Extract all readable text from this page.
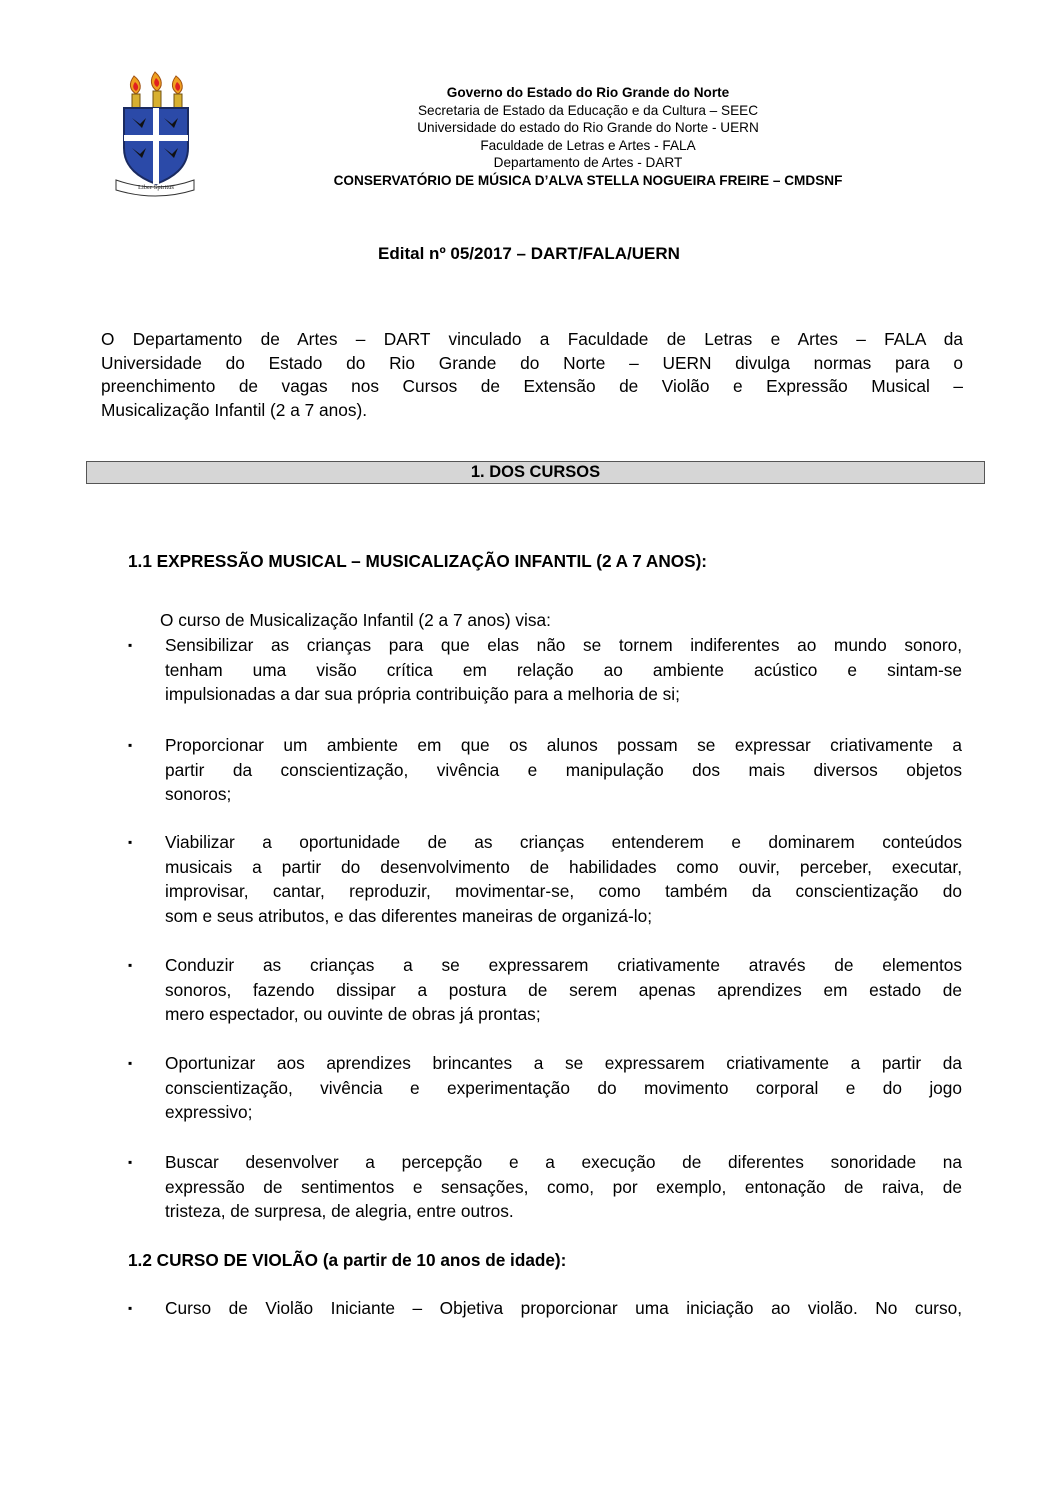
Liber Spiritus
Governo do Estado do Rio Grande do Norte
Secretaria de Estado da Educação e da Cultura – SEEC
Universidade do estado do Rio Grande do Norte - UERN
Faculdade de Letras e Artes - FALA
Departamento de Artes - DART
CONSERVATÓRIO DE MÚSICA D’ALVA STELLA NOGUEIRA FREIRE – CMDSNF
Edital nº 05/2017 – DART/FALA/UERN

O Departamento de Artes – DART vinculado a Faculdade de Letras e Artes – FALA da

Universidade do Estado do Rio Grande do Norte – UERN divulga normas para o

preenchimento de vagas nos Cursos de Extensão de Violão e Expressão Musical –

Musicalização Infantil (2 a 7 anos).

1. DOS CURSOS
1.1 EXPRESSÃO MUSICAL – MUSICALIZAÇÃO INFANTIL (2 A 7 ANOS):
O curso de Musicalização Infantil (2 a 7 anos) visa:
▪	Sensibilizar as crianças para que elas não se tornem indiferentes ao mundo sonoro,
tenham uma visão crítica em relação ao ambiente acústico e sintam-se
impulsionadas a dar sua própria contribuição para a melhoria de si;
▪	Proporcionar um ambiente em que os alunos possam se expressar criativamente a
partir da conscientização, vivência e manipulação dos mais diversos objetos
sonoros;
▪	Viabilizar a oportunidade de as crianças entenderem e dominarem conteúdos
musicais a partir do desenvolvimento de habilidades como ouvir, perceber, executar,
improvisar, cantar, reproduzir, movimentar-se, como também da conscientização do
som e seus atributos, e das diferentes maneiras de organizá-lo;
▪	Conduzir as crianças a se expressarem criativamente através de elementos
sonoros, fazendo dissipar a postura de serem apenas aprendizes em estado de
mero espectador, ou ouvinte de obras já prontas;
▪	Oportunizar aos aprendizes brincantes a se expressarem criativamente a partir da
conscientização, vivência e experimentação do movimento corporal e do jogo
expressivo;
▪	Buscar desenvolver a percepção e a execução de diferentes sonoridade na
expressão de sentimentos e sensações, como, por exemplo, entonação de raiva, de
tristeza, de surpresa, de alegria, entre outros.
1.2 CURSO DE VIOLÃO (a partir de 10 anos de idade):
▪	Curso de Violão Iniciante – Objetiva proporcionar uma iniciação ao violão. No curso,
